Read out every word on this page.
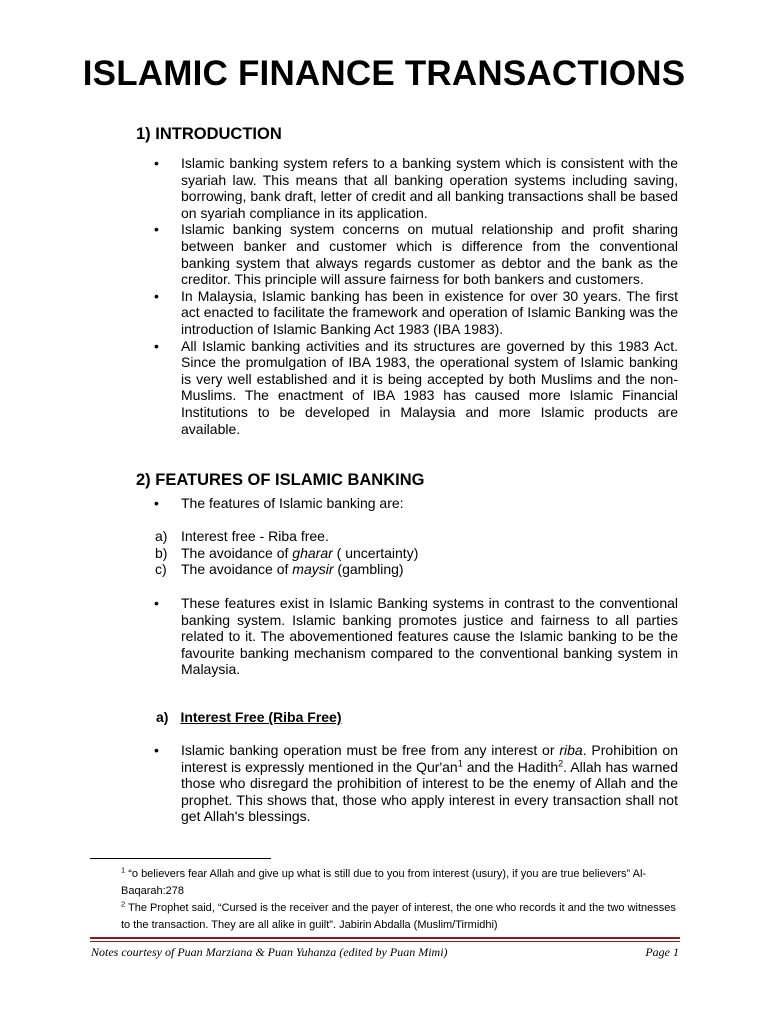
ISLAMIC FINANCE TRANSACTIONS
1) INTRODUCTION
• Islamic banking system refers to a banking system which is consistent with the syariah law. This means that all banking operation systems including saving, borrowing, bank draft, letter of credit and all banking transactions shall be based on syariah compliance in its application.
• Islamic banking system concerns on mutual relationship and profit sharing between banker and customer which is difference from the conventional banking system that always regards customer as debtor and the bank as the creditor. This principle will assure fairness for both bankers and customers.
• In Malaysia, Islamic banking has been in existence for over 30 years. The first act enacted to facilitate the framework and operation of Islamic Banking was the introduction of Islamic Banking Act 1983 (IBA 1983).
• All Islamic banking activities and its structures are governed by this 1983 Act. Since the promulgation of IBA 1983, the operational system of Islamic banking is very well established and it is being accepted by both Muslims and the non-Muslims. The enactment of IBA 1983 has caused more Islamic Financial Institutions to be developed in Malaysia and more Islamic products are available.
2) FEATURES OF ISLAMIC BANKING
• The features of Islamic banking are:
a) Interest free - Riba free.
b) The avoidance of gharar ( uncertainty)
c) The avoidance of maysir (gambling)
• These features exist in Islamic Banking systems in contrast to the conventional banking system. Islamic banking promotes justice and fairness to all parties related to it. The abovementioned features cause the Islamic banking to be the favourite banking mechanism compared to the conventional banking system in Malaysia.
a) Interest Free (Riba Free)
• Islamic banking operation must be free from any interest or riba. Prohibition on interest is expressly mentioned in the $Qur'an^1$ and the Hadith$^2$. Allah has warned those who disregard the prohibition of interest to be the enemy of Allah and the prophet. This shows that, those who apply interest in every transaction shall not get Allah's blessings.

$^1$ “o believers fear Allah and give up what is still due to you from interest (usury), if you are true believers” Al-Baqarah:278

$^2$ The Prophet said, “Cursed is the receiver and the payer of interest, the one who records it and the two witnesses to the transaction. They are all alike in guilt”. Jabirin Abdalla (Muslim/Tirmidhi)

Notes courtesy of Puan Marziana & Puan Yuhanza (edited by Puan Mimi)	Page 1
